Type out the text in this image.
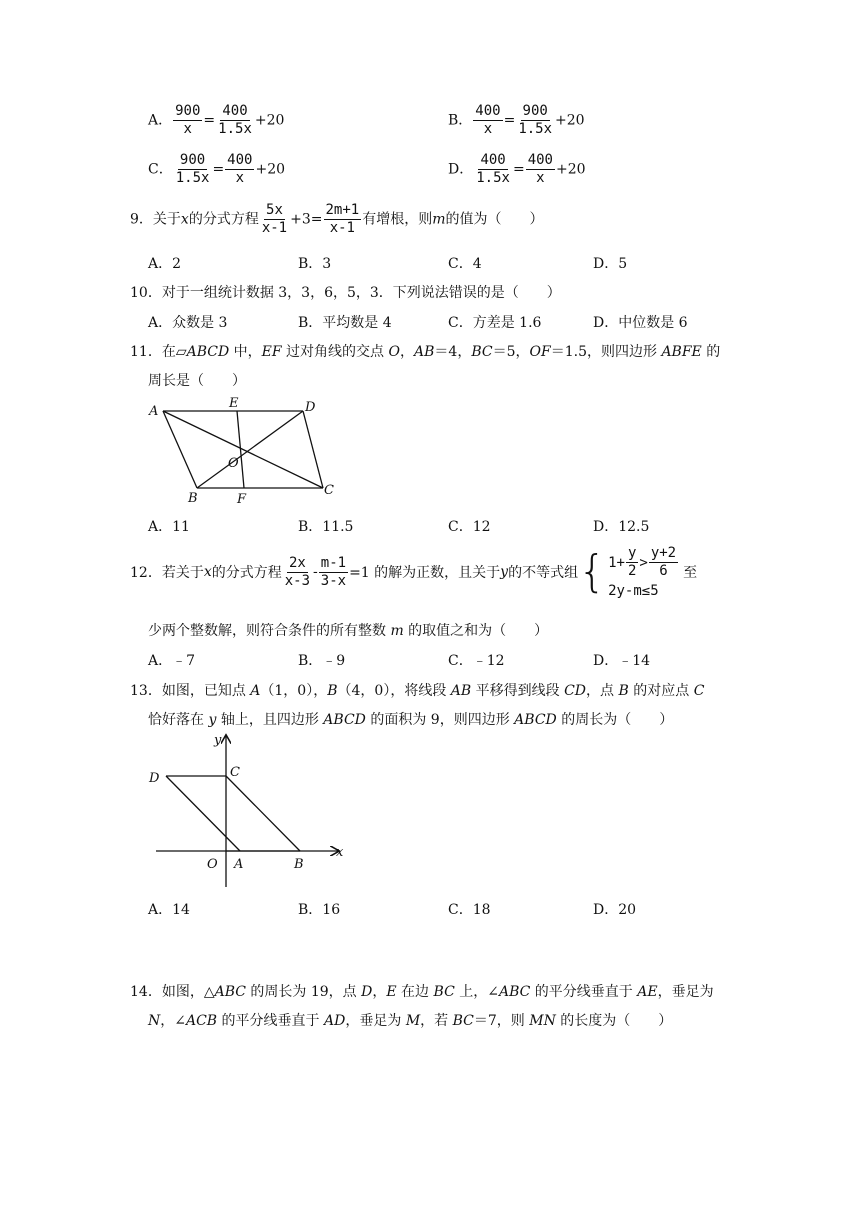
A． $\frac{900}{x} = \frac{400}{1.5x} +20$	B． $\frac{400}{x} = \frac{900}{1.5x} +20$
C． $\frac{900}{1.5x} = \frac{400}{x} +20$	D． $\frac{400}{1.5x} = \frac{400}{x} +20$
9．关于x的分式方程 $\frac{5x}{x-1} +3= \frac{2m+1}{x-1}$ 有增根，则m的值为（　　）
A．2	B．3	C．4	D．5
10．对于一组统计数据 3，3，6，5，3．下列说法错误的是（　　）
A．众数是 3	B．平均数是 4	C．方差是 1.6	D．中位数是 6
11．在▱ABCD 中，EF 过对角线的交点 O，AB＝4，BC＝5，OF＝1.5，则四边形 ABFE 的
周长是（　　）
A
B
C
D
E
F
O
A．11	B．11.5	C．12	D．12.5
12．若关于 x 的分式方程 $\frac{2x}{x-3} - \frac{m-1}{3-x} =1$ 的解为正数，且关于 y 的不等式组 { $1+ \frac{y}{2} > \frac{y+2}{6}$
2y-m≤5
至
少两个整数解，则符合条件的所有整数 m 的取值之和为（　　）
A．﹣7	B．﹣9	C．﹣12	D．﹣14
13．如图，已知点 A（1，0），B（4，0），将线段 AB 平移得到线段 CD，点 B 的对应点 C
恰好落在 y 轴上，且四边形 ABCD 的面积为 9，则四边形 ABCD 的周长为（　　）
y
x
O A	B
C
D
A．14	B．16	C．18	D．20
14．如图，△ABC 的周长为 19，点 D，E 在边 BC 上，∠ABC 的平分线垂直于 AE，垂足为
N，∠ACB 的平分线垂直于 AD，垂足为 M，若 BC＝7，则 MN 的长度为（　　）
